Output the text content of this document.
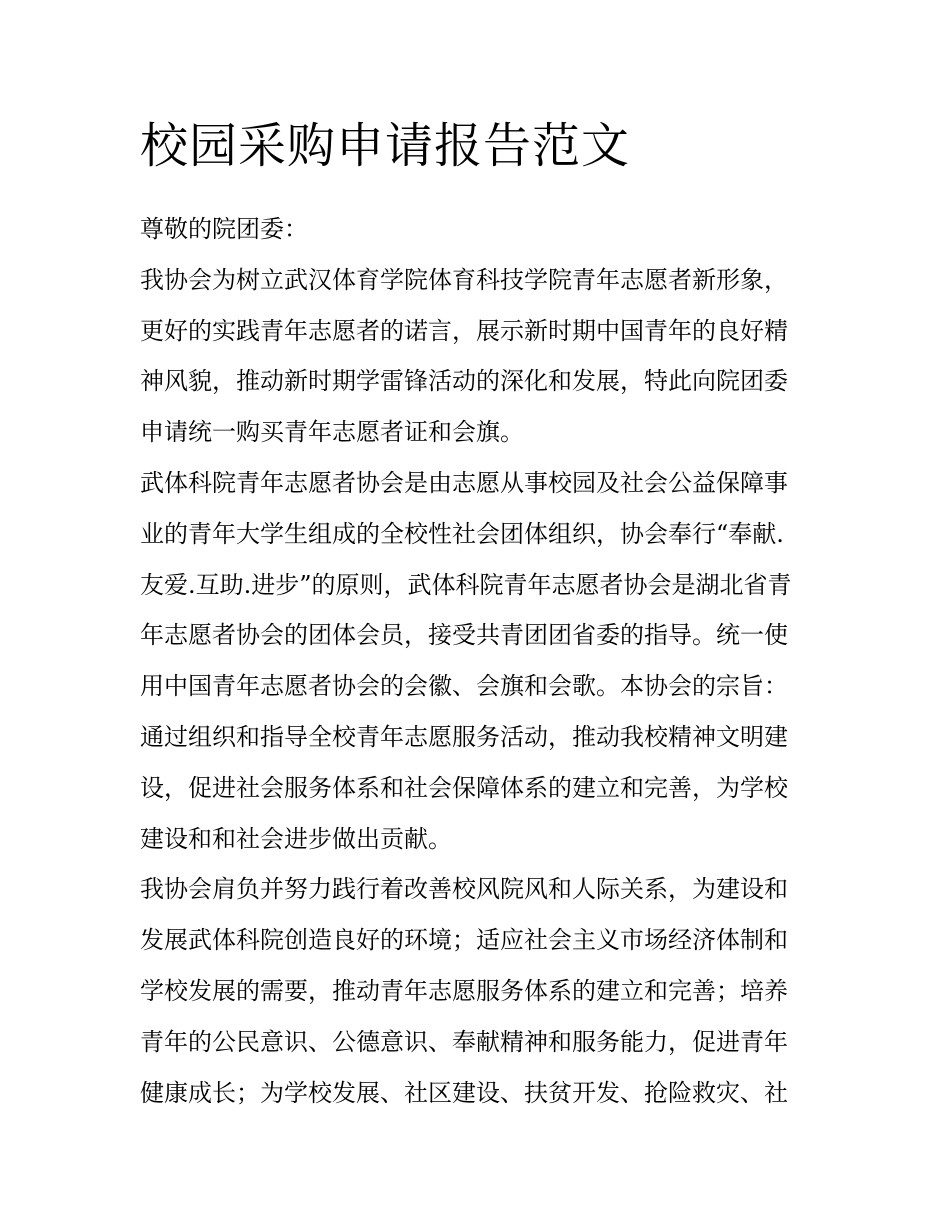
校园采购申请报告范文
尊敬的院团委：
我协会为树立武汉体育学院体育科技学院青年志愿者新形象，
更好的实践青年志愿者的诺言，展示新时期中国青年的良好精
神风貌，推动新时期学雷锋活动的深化和发展，特此向院团委
申请统一购买青年志愿者证和会旗。
武体科院青年志愿者协会是由志愿从事校园及社会公益保障事
业的青年大学生组成的全校性社会团体组织，协会奉行“奉献.
友爱.互助.进步”的原则，武体科院青年志愿者协会是湖北省青
年志愿者协会的团体会员，接受共青团团省委的指导。统一使
用中国青年志愿者协会的会徽、会旗和会歌。本协会的宗旨：
通过组织和指导全校青年志愿服务活动，推动我校精神文明建
设，促进社会服务体系和社会保障体系的建立和完善，为学校
建设和和社会进步做出贡献。
我协会肩负并努力践行着改善校风院风和人际关系，为建设和
发展武体科院创造良好的环境；适应社会主义市场经济体制和
学校发展的需要，推动青年志愿服务体系的建立和完善；培养
青年的公民意识、公德意识、奉献精神和服务能力，促进青年
健康成长；为学校发展、社区建设、扶贫开发、抢险救灾、社
